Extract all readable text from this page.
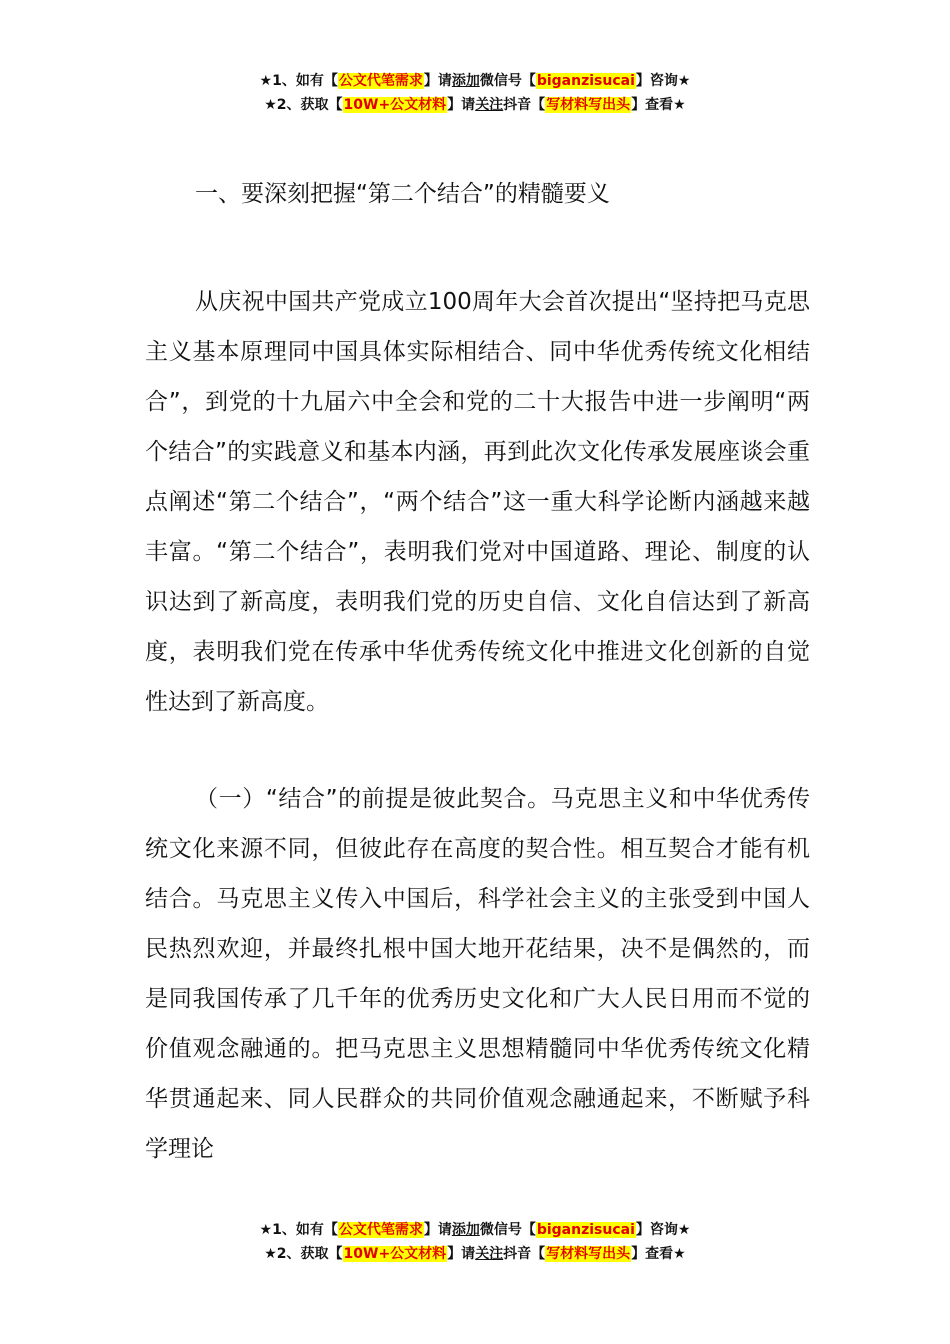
★1、如有【公文代笔需求】请添加微信号【biganzisucai】咨询★
★2、获取【10W+公文材料】请关注抖音【写材料写出头】查看★

一、要深刻把握“第二个结合”的精髓要义

从庆祝中国共产党成立100周年大会首次提出“坚持把马克思主义基本原理同中国具体实际相结合、同中华优秀传统文化相结合”，到党的十九届六中全会和党的二十大报告中进一步阐明“两个结合”的实践意义和基本内涵，再到此次文化传承发展座谈会重点阐述“第二个结合”，“两个结合”这一重大科学论断内涵越来越丰富。“第二个结合”，表明我们党对中国道路、理论、制度的认识达到了新高度，表明我们党的历史自信、文化自信达到了新高度，表明我们党在传承中华优秀传统文化中推进文化创新的自觉性达到了新高度。

（一）“结合”的前提是彼此契合。马克思主义和中华优秀传统文化来源不同，但彼此存在高度的契合性。相互契合才能有机结合。马克思主义传入中国后，科学社会主义的主张受到中国人民热烈欢迎，并最终扎根中国大地开花结果，决不是偶然的，而是同我国传承了几千年的优秀历史文化和广大人民日用而不觉的价值观念融通的。把马克思主义思想精髓同中华优秀传统文化精华贯通起来、同人民群众的共同价值观念融通起来，不断赋予科学理论

★1、如有【公文代笔需求】请添加微信号【biganzisucai】咨询★
★2、获取【10W+公文材料】请关注抖音【写材料写出头】查看★
